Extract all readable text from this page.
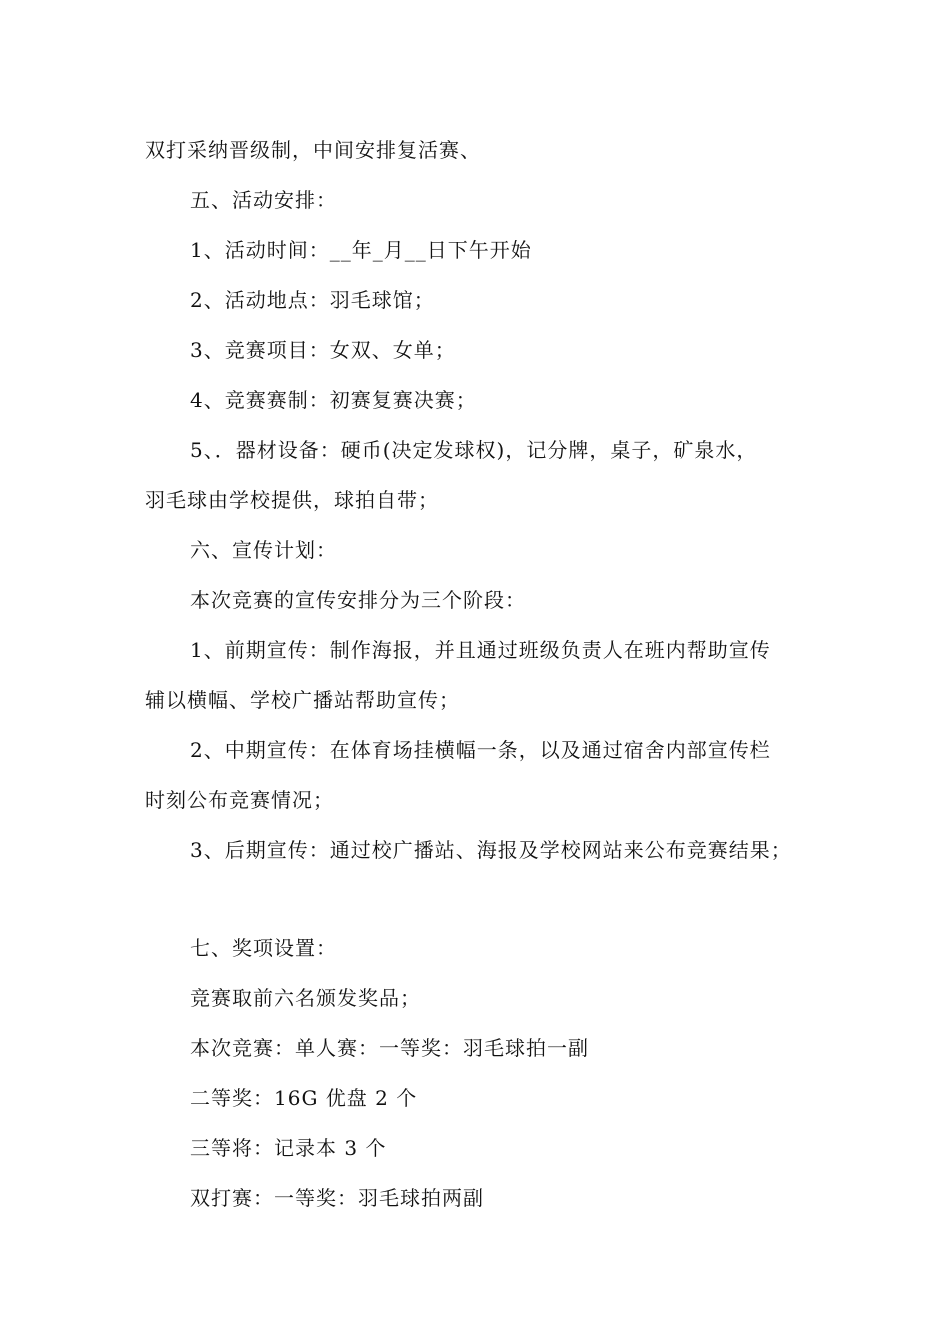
双打采纳晋级制，中间安排复活赛、
五、活动安排：
1、活动时间：__年_月__日下午开始
2、活动地点：羽毛球馆；
3、竞赛项目：女双、女单；
4、竞赛赛制：初赛复赛决赛；
5、．器材设备：硬币(决定发球权)，记分牌，桌子，矿泉水，
羽毛球由学校提供，球拍自带；
六、宣传计划：
本次竞赛的宣传安排分为三个阶段：
1、前期宣传：制作海报，并且通过班级负责人在班内帮助宣传
辅以横幅、学校广播站帮助宣传；
2、中期宣传：在体育场挂横幅一条，以及通过宿舍内部宣传栏
时刻公布竞赛情况；
3、后期宣传：通过校广播站、海报及学校网站来公布竞赛结果；
七、奖项设置：
竞赛取前六名颁发奖品；
本次竞赛：单人赛：一等奖：羽毛球拍一副
二等奖：16G 优盘 2 个
三等将：记录本 3 个
双打赛：一等奖：羽毛球拍两副
